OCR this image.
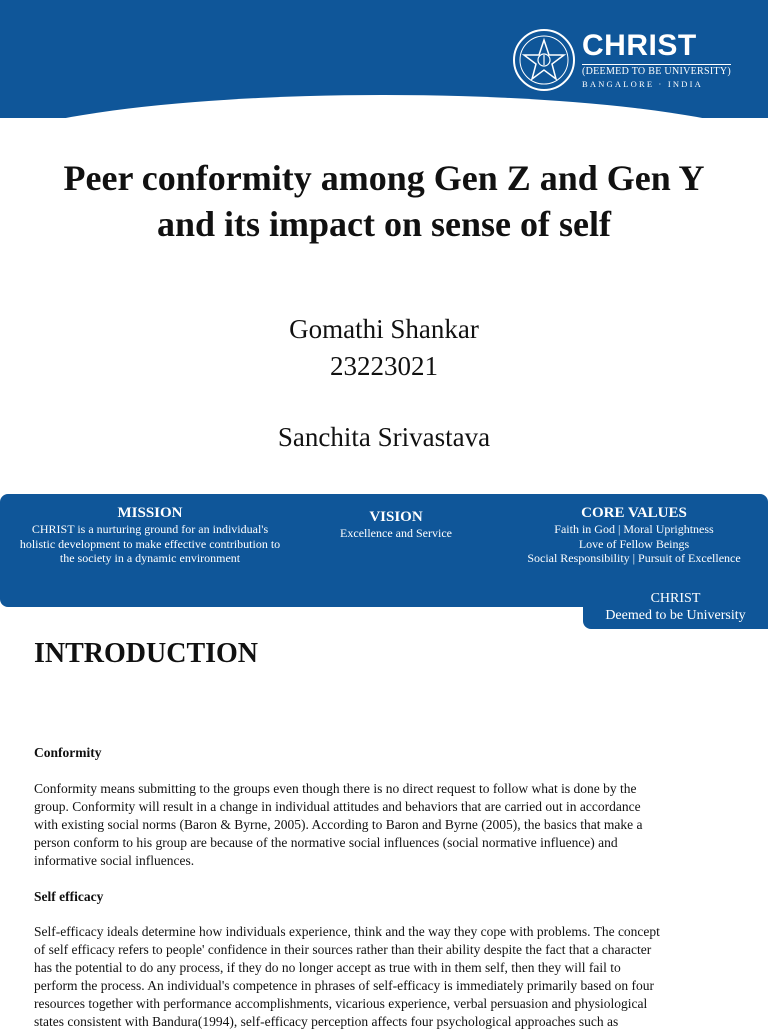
CHRIST
(DEEMED TO BE UNIVERSITY)
BANGALORE · INDIA
Peer conformity among Gen Z and Gen Y
and its impact on sense of self
Gomathi Shankar
23223021
Sanchita Srivastava
MISSION
CHRIST is a nurturing ground for an individual's
holistic development to make effective contribution to
the society in a dynamic environment
VISION
Excellence and Service
CORE VALUES
Faith in God | Moral Uprightness
Love of Fellow Beings
Social Responsibility | Pursuit of Excellence
CHRIST
Deemed to be University
INTRODUCTION
Conformity

Conformity means submitting to the groups even though there is no direct request to follow what is done by the

group. Conformity will result in a change in individual attitudes and behaviors that are carried out in accordance

with existing social norms (Baron & Byrne, 2005). According to Baron and Byrne (2005), the basics that make a

person conform to his group are because of the normative social influences (social normative influence) and

informative social influences.

Self efficacy

Self-efficacy ideals determine how individuals experience, think and the way they cope with problems. The concept

of self efficacy refers to people' confidence in their sources rather than their ability despite the fact that a character

has the potential to do any process, if they do no longer accept as true with in them self, then they will fail to

perform the process. An individual's competence in phrases of self-efficacy is immediately primarily based on four

resources together with performance accomplishments, vicarious experience, verbal persuasion and physiological

states consistent with Bandura(1994), self-efficacy perception affects four psychological approaches such as
